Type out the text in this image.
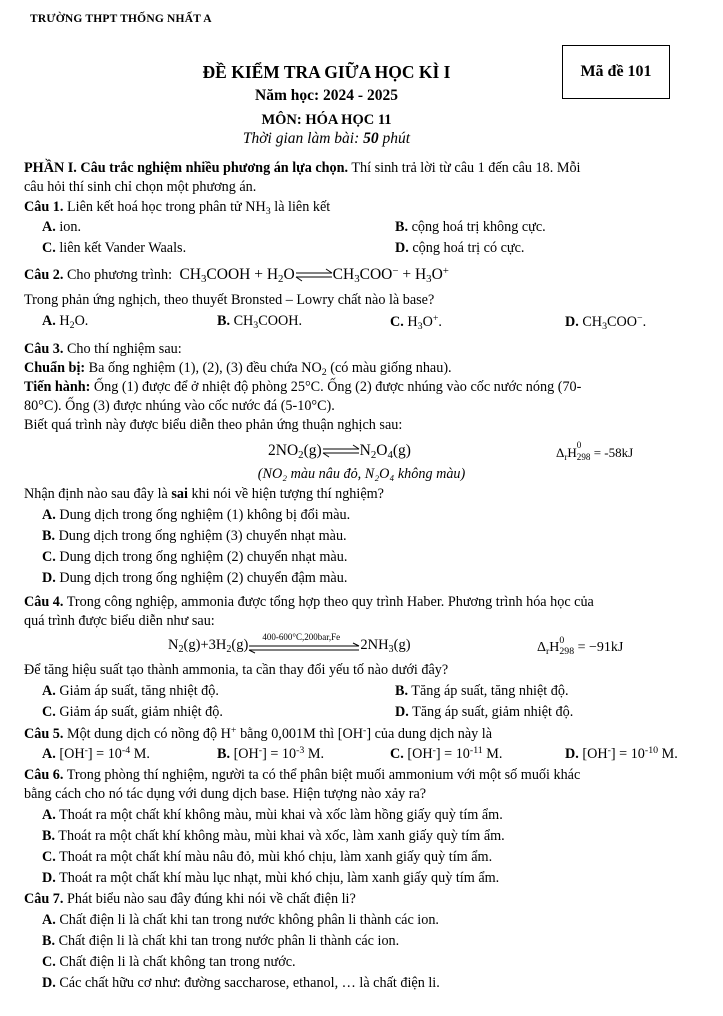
TRƯỜNG THPT THỐNG NHẤT A
ĐỀ KIỂM TRA GIỮA HỌC KÌ I
Năm học: 2024 - 2025
MÔN: HÓA HỌC 11
Thời gian làm bài: 50 phút
Mã đề 101
PHẦN I. Câu trắc nghiệm nhiều phương án lựa chọn. Thí sinh trả lời từ câu 1 đến câu 18. Mỗi
câu hỏi thí sinh chỉ chọn một phương án.
Câu 1. Liên kết hoá học trong phân tử $NH_3$ là liên kết
A. ion.	B. cộng hoá trị không cực.
C. liên kết Vander Waals.	D. cộng hoá trị có cực.
Câu 2. Cho phương trình:  $CH_3COOH$ + $H_2O\rightleftharpoons CH_3COO^- + H_3O^+$
Trong phản ứng nghịch, theo thuyết Bronsted – Lowry chất nào là base?
A. $H_2O$.	B. $CH_3COOH$.	C. $H_3O^+$.	D. $CH_3COO^-$.
Câu 3. Cho thí nghiệm sau:
Chuẩn bị: Ba ống nghiệm (1), (2), (3) đều chứa $NO_2$ (có màu giống nhau).
Tiến hành: Ống (1) được để ở nhiệt độ phòng 25°C. Ống (2) được nhúng vào cốc nước nóng (70-
80°C). Ống (3) được nhúng vào cốc nước đá (5-10°C).
Biết quá trình này được biểu diễn theo phản ứng thuận nghịch sau:
$2NO_2(g)\rightleftharpoons N_2O_4(g)$	$\Delta_rH$ 0
$_{298}$ = -58kJ
(NO₂ màu nâu đỏ, N₂O₄ không màu)
Nhận định nào sau đây là sai khi nói về hiện tượng thí nghiệm?
A. Dung dịch trong ống nghiệm (1) không bị đổi màu.
B. Dung dịch trong ống nghiệm (3) chuyển nhạt màu.
C. Dung dịch trong ống nghiệm (2) chuyển nhạt màu.
D. Dung dịch trong ống nghiệm (2) chuyển đậm màu.
Câu 4. Trong công nghiệp, ammonia được tổng hợp theo quy trình Haber. Phương trình hóa học của
quá trình được biểu diễn như sau:
$N_2(g)+3H_2(g)$
400-600°C,200bar,Fe
$2NH_3(g)$	$\Delta_rH$ 0
$_{298}$ = −91kJ
Để tăng hiệu suất tạo thành ammonia, ta cần thay đổi yếu tố nào dưới đây?
A. Giảm áp suất, tăng nhiệt độ.	B. Tăng áp suất, tăng nhiệt độ.
C. Giảm áp suất, giảm nhiệt độ.	D. Tăng áp suất, giảm nhiệt độ.
Câu 5. Một dung dịch có nồng độ H+ bằng 0,001M thì [OH-] của dung dịch này là
A. $[OH^-] = 10^{-4}$ M.	B. $[OH^-] = 10^{-3}$ M.	C. $[OH^-] = 10^{-11}$ M.	D. $[OH^-] = 10^{-10}$ M.
Câu 6. Trong phòng thí nghiệm, người ta có thể phân biệt muối ammonium với một số muối khác
bằng cách cho nó tác dụng với dung dịch base. Hiện tượng nào xảy ra?
A. Thoát ra một chất khí không màu, mùi khai và xốc làm hồng giấy quỳ tím ẩm.
B. Thoát ra một chất khí không màu, mùi khai và xốc, làm xanh giấy quỳ tím ẩm.
C. Thoát ra một chất khí màu nâu đỏ, mùi khó chịu, làm xanh giấy quỳ tím ẩm.
D. Thoát ra một chất khí màu lục nhạt, mùi khó chịu, làm xanh giấy quỳ tím ẩm.
Câu 7. Phát biểu nào sau đây đúng khi nói về chất điện li?
A. Chất điện li là chất khi tan trong nước không phân li thành các ion.
B. Chất điện li là chất khi tan trong nước phân li thành các ion.
C. Chất điện li là chất không tan trong nước.
D. Các chất hữu cơ như: đường saccharose, ethanol, … là chất điện li.
